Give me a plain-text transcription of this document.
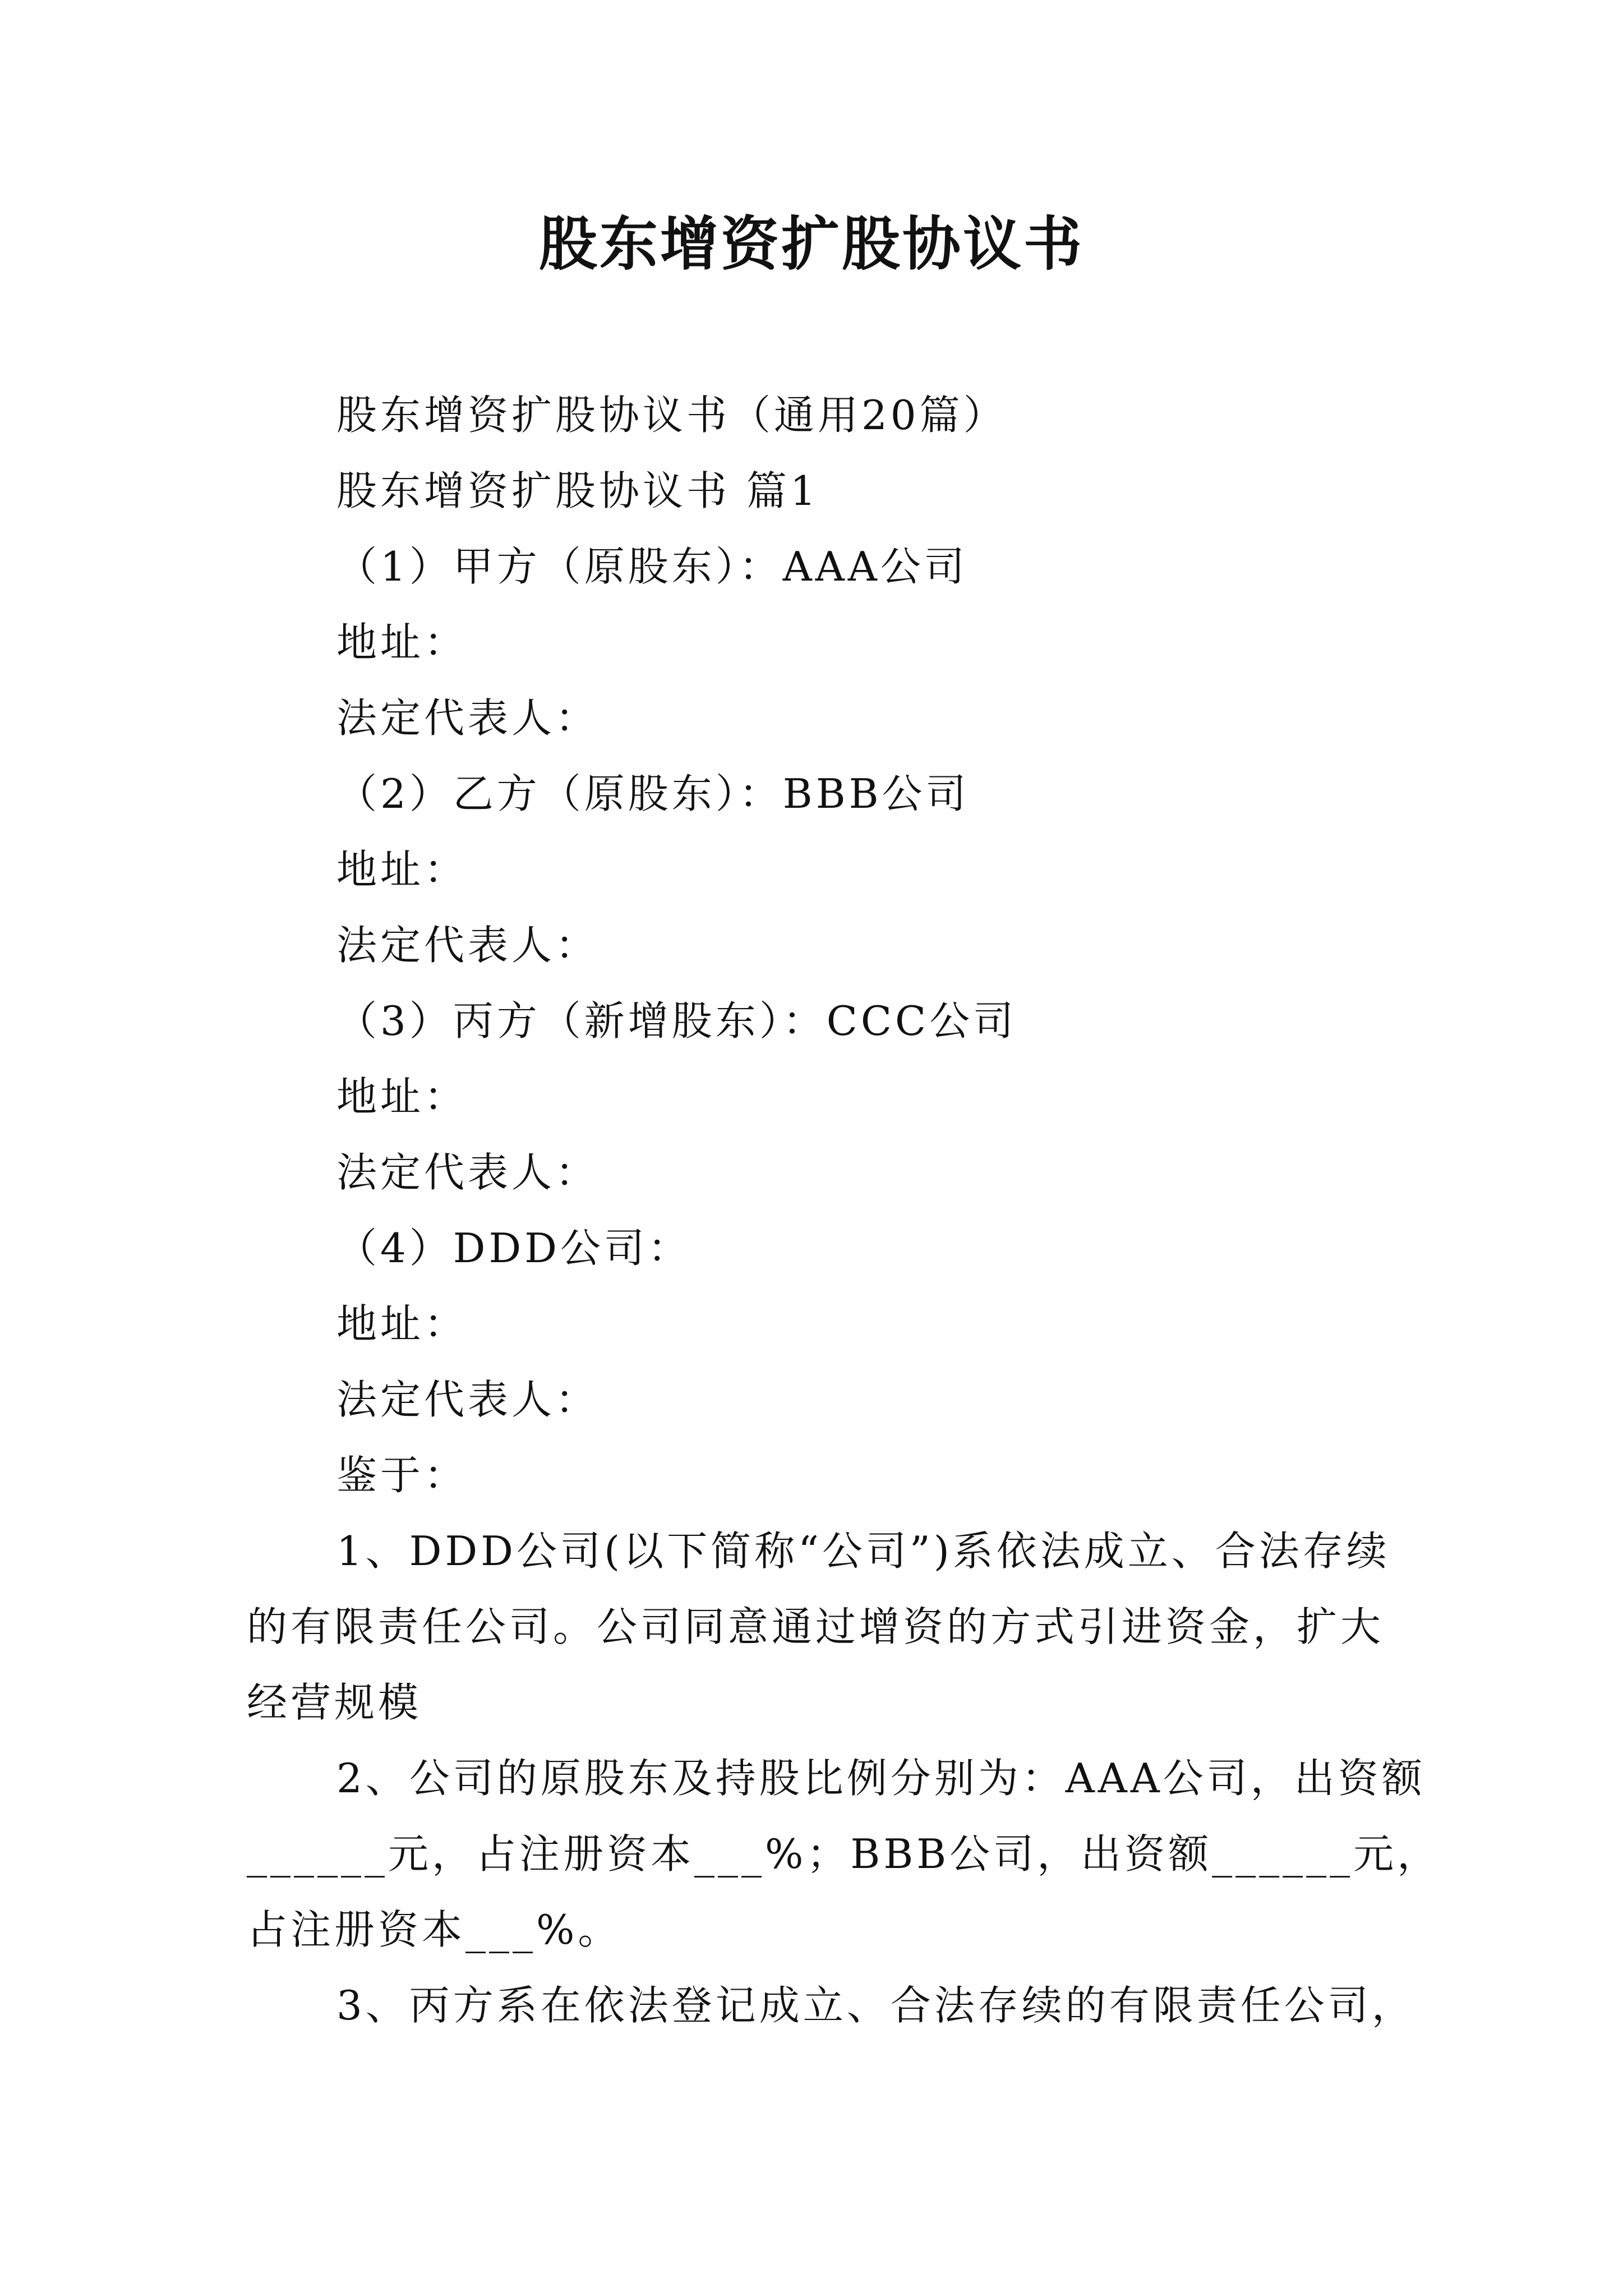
股东增资扩股协议书
股东增资扩股协议书（通用20篇）
股东增资扩股协议书 篇1
（1）甲方（原股东）：AAA公司
地址：
法定代表人：
（2）乙方（原股东）：BBB公司
地址：
法定代表人：
（3）丙方（新增股东）：CCC公司
地址：
法定代表人：
（4）DDD公司：
地址：
法定代表人：
鉴于：
1、DDD公司(以下简称“公司”)系依法成立、合法存续
的有限责任公司。公司同意通过增资的方式引进资金，扩大
经营规模
2、公司的原股东及持股比例分别为：AAA公司，出资额
______元，占注册资本___%；BBB公司，出资额______元，
占注册资本___%。
3、丙方系在依法登记成立、合法存续的有限责任公司，
